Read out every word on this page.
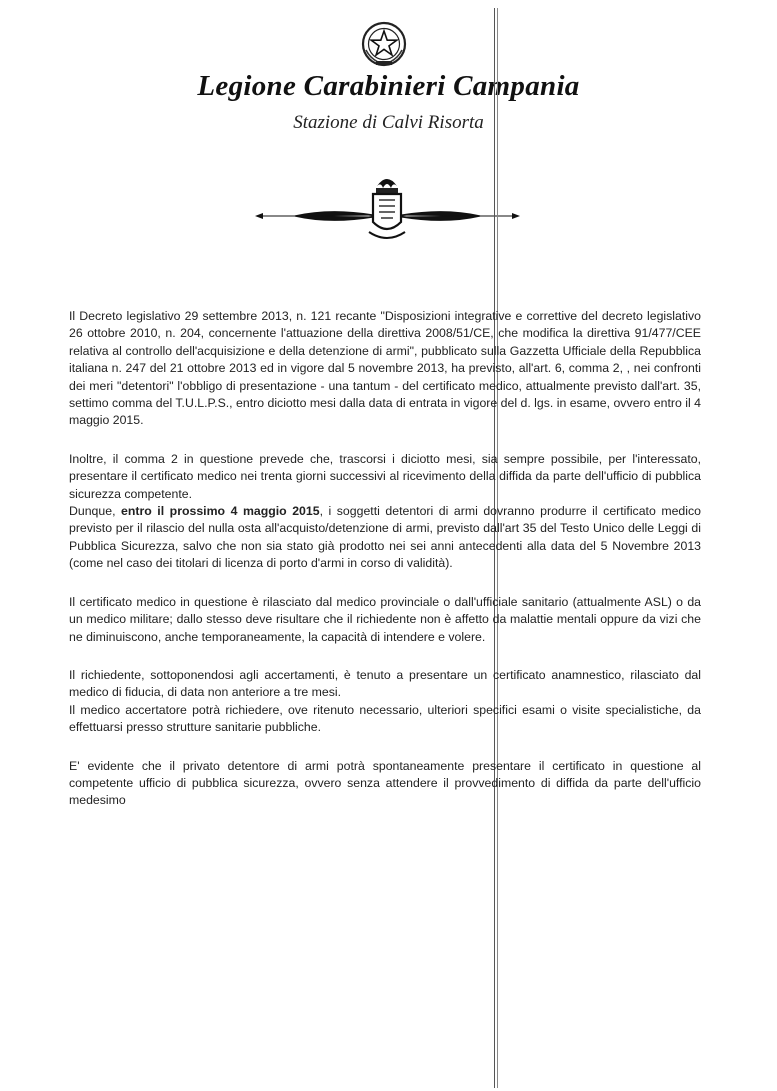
Legione Carabinieri Campania
Stazione di Calvi Risorta

Il Decreto legislativo 29 settembre 2013, n. 121 recante "Disposizioni integrative e correttive del decreto legislativo 26 ottobre 2010, n. 204, concernente l'attuazione della direttiva 2008/51/CE, che modifica la direttiva 91/477/CEE relativa al controllo dell'acquisizione e della detenzione di armi", pubblicato sulla Gazzetta Ufficiale della Repubblica italiana n. 247 del 21 ottobre 2013 ed in vigore dal 5 novembre 2013, ha previsto, all'art. 6, comma 2, , nei confronti dei meri "detentori" l'obbligo di presentazione - una tantum - del certificato medico, attualmente previsto dall'art. 35, settimo comma del T.U.L.P.S., entro diciotto mesi dalla data di entrata in vigore del d. lgs. in esame, ovvero entro il 4 maggio 2015.

Inoltre, il comma 2 in questione prevede che, trascorsi i diciotto mesi, sia sempre possibile, per l'interessato, presentare il certificato medico nei trenta giorni successivi al ricevimento della diffida da parte dell'ufficio di pubblica sicurezza competente.

Dunque, entro il prossimo 4 maggio 2015, i soggetti detentori di armi dovranno produrre il certificato medico previsto per il rilascio del nulla osta all'acquisto/detenzione di armi, previsto dall'art 35 del Testo Unico delle Leggi di Pubblica Sicurezza, salvo che non sia stato già prodotto nei sei anni antecedenti alla data del 5 Novembre 2013 (come nel caso dei titolari di licenza di porto d'armi in corso di validità).

Il certificato medico in questione è rilasciato dal medico provinciale o dall'ufficiale sanitario (attualmente ASL) o da un medico militare; dallo stesso deve risultare che il richiedente non è affetto da malattie mentali oppure da vizi che ne diminuiscono, anche temporaneamente, la capacità di intendere e volere.

Il richiedente, sottoponendosi agli accertamenti, è tenuto a presentare un certificato anamnestico, rilasciato dal medico di fiducia, di data non anteriore a tre mesi.

Il medico accertatore potrà richiedere, ove ritenuto necessario, ulteriori specifici esami o visite specialistiche, da effettuarsi presso strutture sanitarie pubbliche.

E' evidente che il privato detentore di armi potrà spontaneamente presentare il certificato in questione al competente ufficio di pubblica sicurezza, ovvero senza attendere il provvedimento di diffida da parte dell'ufficio medesimo
